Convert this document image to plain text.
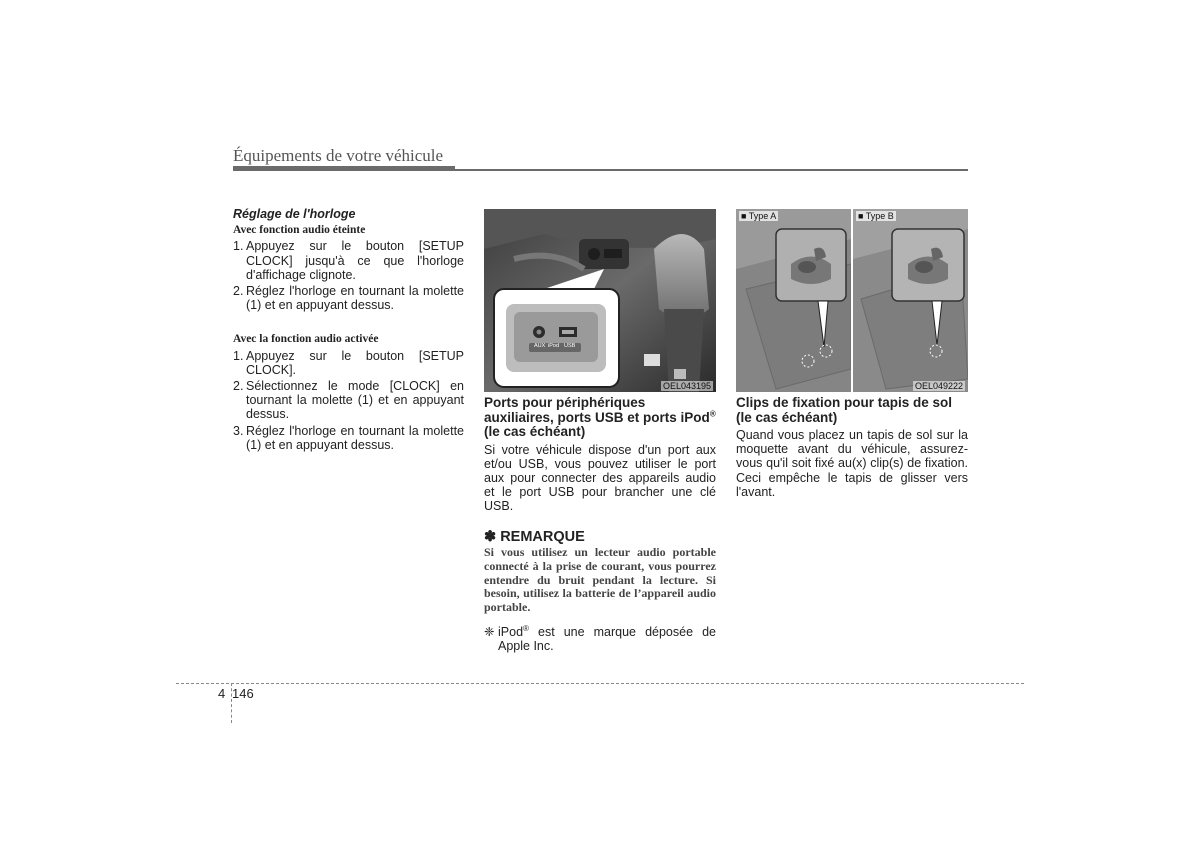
Équipements de votre véhicule
Réglage de l'horloge
Avec fonction audio éteinte
1. Appuyez sur le bouton [SETUP CLOCK] jusqu'à ce que l'horloge d'affichage clignote.
2. Réglez l'horloge en tournant la molette (1) et en appuyant dessus.
Avec la fonction audio activée
1. Appuyez sur le bouton [SETUP CLOCK].
2. Sélectionnez le mode [CLOCK] en tournant la molette (1) et en appuyant dessus.
3. Réglez l'horloge en tournant la molette (1) et en appuyant dessus.
AUX iPod USB
OEL043195
Ports pour périphériques auxiliaires, ports USB et ports iPod® (le cas échéant)
Si votre véhicule dispose d'un port aux et/ou USB, vous pouvez utiliser le port aux pour connecter des appareils audio et le port USB pour brancher une clé USB.
✽ REMARQUE
Si vous utilisez un lecteur audio portable connecté à la prise de courant, vous pourrez entendre du bruit pendant la lecture. Si besoin, utilisez la batterie de l’appareil audio portable.
❈ iPod® est une marque déposée de Apple Inc.
■ Type A	■ Type B
OEL049222
Clips de fixation pour tapis de sol (le cas échéant)
Quand vous placez un tapis de sol sur la moquette avant du véhicule, assurez-vous qu'il soit fixé au(x) clip(s) de fixation. Ceci empêche le tapis de glisser vers l'avant.
4 146
